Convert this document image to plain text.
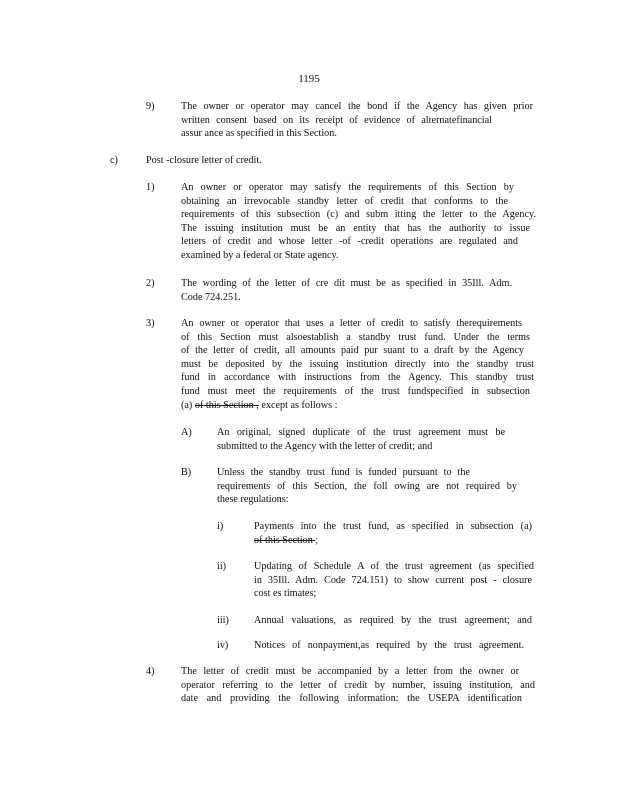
1195
9)	The owner or operator may cancel the bond if the Agency has given prior
written consent based on its receipt of evidence of alternatefinancial
assur ance as specified in this Section.
c)	Post -closure letter of credit.
1)	An owner or operator may satisfy the requirements of this Section by
obtaining an irrevocable standby letter of credit that conforms to the
requirements of this subsection (c) and subm itting the letter to the Agency.
The issuing institution must be an entity that has the authority to issue
letters of credit and whose letter -of -credit operations are regulated and
examined by a federal or State agency.
2)	The wording of the letter of cre dit must be as specified in 35Ill. Adm.
Code 724.251.
3)	An owner or operator that uses a letter of credit to satisfy therequirements
of this Section must alsoestablish a standby trust fund. Under the terms
of the letter of credit, all amounts paid pur suant to a draft by the Agency
must be deposited by the issuing institution directly into the standby trust
fund in accordance with instructions from the Agency. This standby trust
fund must meet the requirements of the trust fundspecified in subsection
(a) of this Section , except as follows :
A) An original, signed duplicate of the trust agreement must be
submitted to the Agency with the letter of credit; and
B)	Unless the standby trust fund is funded pursuant to the
requirements of this Section, the foll owing are not required by
these regulations:
i)	Payments into the trust fund, as specified in subsection (a)
of this Section ;
ii)	Updating of Schedule A of the trust agreement (as specified
in 35Ill. Adm. Code 724.151) to show current post - closure
cost es timates;
iii) Annual valuations, as required by the trust agreement; and
iv)	Notices of nonpayment,as required by the trust agreement.
4)	The letter of credit must be accompanied by a letter from the owner or
operator referring to the letter of credit by number, issuing institution, and
date and providing the following information: the USEPA identification
